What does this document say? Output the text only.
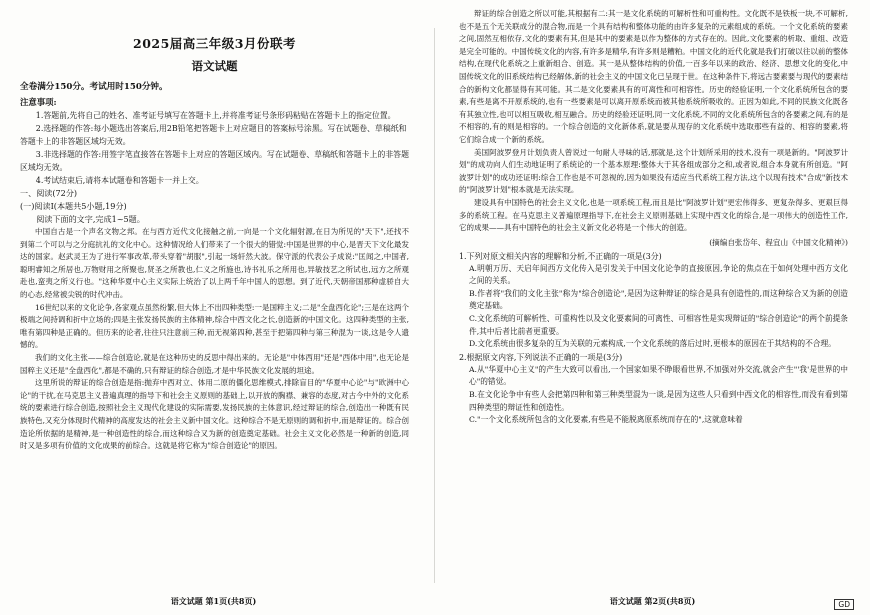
2025届高三年级3月份联考
语文试题

全卷满分150分。考试用时150分钟。

注意事项:

1.答题前,先将自己的姓名、准考证号填写在答题卡上,并将准考证号条形码粘贴在答题卡上的指定位置。

2.选择题的作答:每小题选出答案后,用2B铅笔把答题卡上对应题目的答案标号涂黑。写在试题卷、草稿纸和答题卡上的非答题区域均无效。

3.非选择题的作答:用签字笔直接答在答题卡上对应的答题区域内。写在试题卷、草稿纸和答题卡上的非答题区域均无效。

4.考试结束后,请将本试题卷和答题卡一并上交。

一、阅读(72分)

(一)阅读Ⅰ(本题共5小题,19分)

阅读下面的文字,完成1~5题。

中国自古是一个声名文物之邦。在与西方近代文化接触之前,一向是一个文化辐射源,在日为所见的"天下",还找不到第二个可以与之分庭抗礼的文化中心。这种情况给人们带来了一个很大的错觉:中国是世界的中心,是晋天下文化最发达的国家。赵武灵王为了进行军事改革,带头穿着"胡服",引起一场轩然大波。保守派的代表公子成说:"匡闻之,中国者,聪明睿知之所居也,万物财用之所聚也,贤圣之所教也,仁义之所施也,诗书礼乐之所用也,异敏技艺之所试也,远方之所观赴也,蛮夷之所义行也。"这种华夏中心主义实际上统治了以上两千年中国人的思想。到了近代,天朝帝国那种虚骄自大的心态,经常被尖锐的时代冲击。

16世纪以来的文化论争,各家观点虽然纷繁,但大体上不出四种类型:一是国粹主义;二是"全盘西化论";三是在这两个极端之间持调和折中立场的;四是主张发扬民族的主体精神,综合中西文化之长,创造新的中国文化。这四种类型的主张,唯有第四种是正确的。但历来的论者,往往只注意前三种,而无视第四种,甚至于把第四种与第三种混为一谈,这是令人遗憾的。

我们的文化主张——综合创造论,就是在这种历史的反思中得出来的。无论是"中体西用"还是"西体中用",也无论是国粹主义还是"全盘西化",都是不确的,只有辩证的综合创造,才是中华民族文化发展的坦途。

这里所说的辩证的综合创造是指:抛弃中西对立、体用二原的僵化思维模式,排除盲目的"华夏中心论"与"欧洲中心论"的干扰,在马克思主义普遍真理的指导下和社会主义原则的基础上,以开放的胸襟、兼容的态度,对古今中外的文化系统的要素进行综合创造,按照社会主义现代化建设的实际需要,发扬民族的主体意识,经过辩证的综合,创造出一种既有民族特色,又充分体现时代精神的高度发达的社会主义新中国文化。这种综合不是无原则的调和折中,而是辩证的。综合创造论所依据的是精神,是一种创造性的综合,而这种综合又为新的创造奠定基础。社会主义文化必然是一种新的创造,同时又是多项有价值的文化成果的前综合。这就是将它称为"综合创造论"的原因。

语文试题 第1页(共8页)

辩证的综合创造之所以可能,其根据有二:其一是文化系统的可解析性和可重构性。文化既不是铁板一块,不可解析,也不是五个无关联成分的混合物,而是一个具有结构和整体功能的由许多复杂的元素组成的系统。一个文化系统的要素之间,固然互相依存,文化的要素有其,但是其中的要素是以作为整体的方式存在的。因此,文化要素的析取、重组、改造是完全可能的。中国传统文化的内容,有许多是精华,有许多则是糟粕。中国文化的近代化就是我们打破以往以前的整体结构,在现代化系统之上重新组合、创造。其一是从整体结构的价值,一百多年以来的政治、经济、思想文化的变化,中国传统文化的旧系统结构已经解体,新的社会主义的中国文化已呈现于世。在这种条件下,将远古要素要与现代的要素结合的新构文化都显得有其可能。其二是文化要素具有的可离性和可相容性。历史的经验证明,一个文化系统所包含的要素,有些是离不开原系统的,也有一些要素是可以离开原系统而被其他系统所吸收的。正因为如此,不同的民族文化既各有其独立性,也可以相互吸收,相互融合。历史的经验还证明,同一文化系统,不同的文化系统所包含的各要素之间,有的是不相容的,有的则是相容的。一个综合创造的文化新体系,就是要从现存的文化系统中选取那些有益的、相容的要素,将它们综合成一个新的系统。

美国阿波罗登月计划负责人曾说过一句耐人寻味的话,那就是,这个计划所采用的技术,没有一项是新的。"阿波罗计划"的成功向人们生动地证明了系统论的一个基本原理:整体大于其各组成部分之和,或者说,组合本身就有所创造。"阿波罗计划"的成功还证明:综合工作也是不可忽视的,因为如果没有适应当代系统工程方法,这个以现有技术"合成"新技术的"阿波罗计划"根本就是无法实现。

建设具有中国特色的社会主义文化,也是一项系统工程,而且是比"阿波罗计划"更宏伟得多、更复杂得多、更艰巨得多的系统工程。在马克思主义普遍原理指导下,在社会主义原则基础上实现中西文化的综合,是一项伟大的创造性工作,它的成果——具有中国特色的社会主义新文化必将是一个伟大的创造。

(摘编自张岱年、程宜山《中国文化精神》)

1.下列对原文相关内容的理解和分析,不正确的一项是(3分)

A.明朝万历、天启年间西方文化传入是引发关于中国文化论争的直接原因,争论的焦点在于如何处理中西方文化之间的关系。

B.作者将"我们的文化主张"称为"综合创造论",是因为这种辩证的综合是具有创造性的,而这种综合又为新的创造奠定基础。

C.文化系统的可解析性、可重构性以及文化要素间的可离性、可相容性是实现辩证的"综合创造论"的两个前提条件,其中后者比前者更重要。

D.文化系统由很多复杂的互为关联的元素构成,一个文化系统的落后过时,更根本的原因在于其结构的不合理。

2.根据原文内容,下列说法不正确的一项是(3分)

A.从"华夏中心主义"的产生大致可以看出,一个国家如果不睁眼看世界,不加强对外交流,就会产生"'我'是世界的中心"的错觉。

B.在文化论争中有些人会把第四种和第三种类型混为一谈,是因为这些人只看到中西文化的相容性,而没有看到第四种类型的辩证性和创造性。

C."一个文化系统所包含的文化要素,有些是不能脱离原系统而存在的",这就意味着

语文试题 第2页(共8页)	GD
